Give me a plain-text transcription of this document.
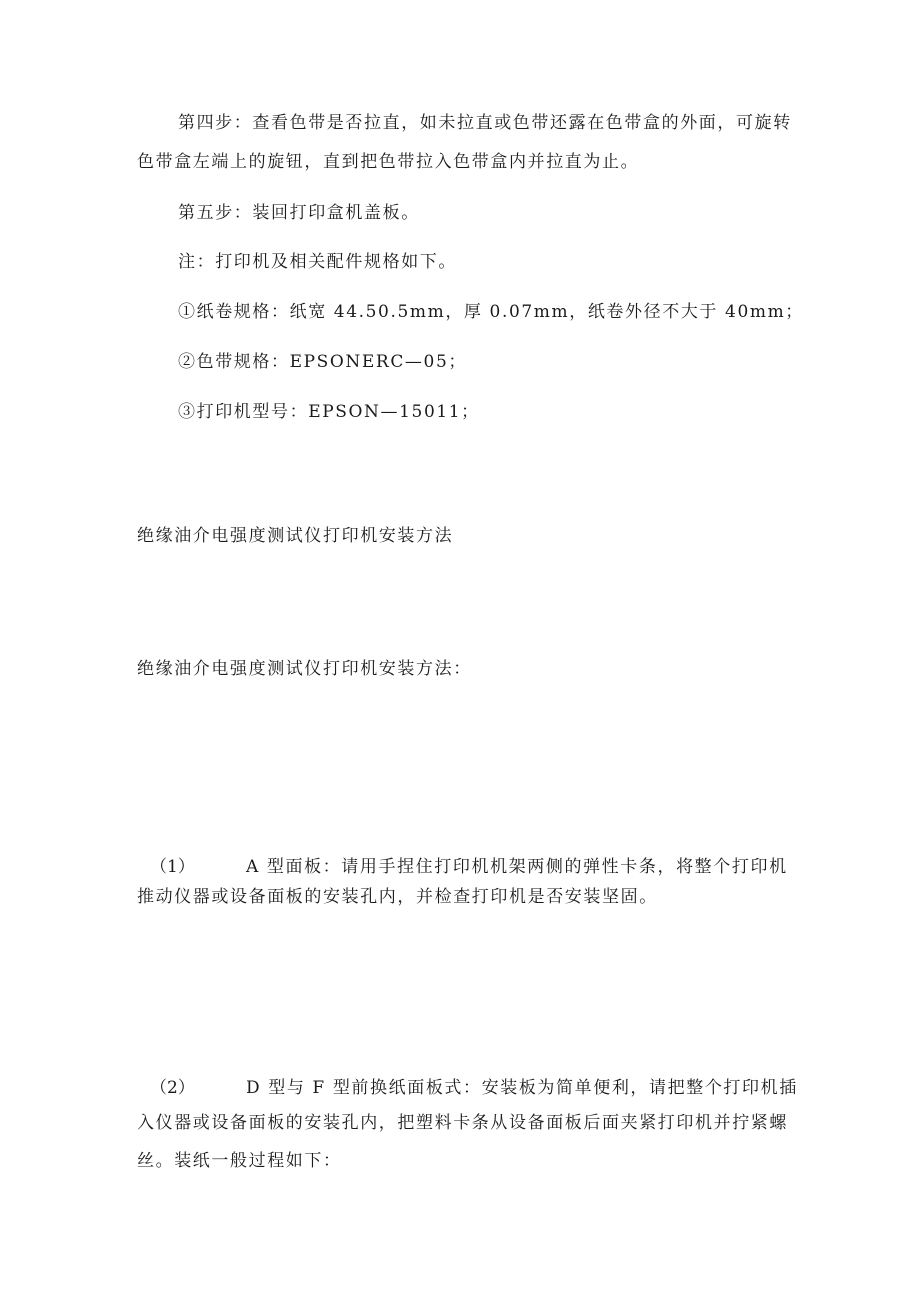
第四步：查看色带是否拉直，如未拉直或色带还露在色带盒的外面，可旋转
色带盒左端上的旋钮，直到把色带拉入色带盒内并拉直为止。
第五步：装回打印盒机盖板。
注：打印机及相关配件规格如下。
①纸卷规格：纸宽 44.50.5mm，厚 0.07mm，纸卷外径不大于 40mm；
②色带规格：EPSONERC—05；
③打印机型号：EPSON—15011；
绝缘油介电强度测试仪打印机安装方法
绝缘油介电强度测试仪打印机安装方法：
（1）	A 型面板：请用手捏住打印机机架两侧的弹性卡条，将整个打印机
推动仪器或设备面板的安装孔内，并检查打印机是否安装坚固。
（2）	D 型与 F 型前换纸面板式：安装板为简单便利，请把整个打印机插
入仪器或设备面板的安装孔内，把塑料卡条从设备面板后面夹紧打印机并拧紧螺
丝。装纸一般过程如下：
